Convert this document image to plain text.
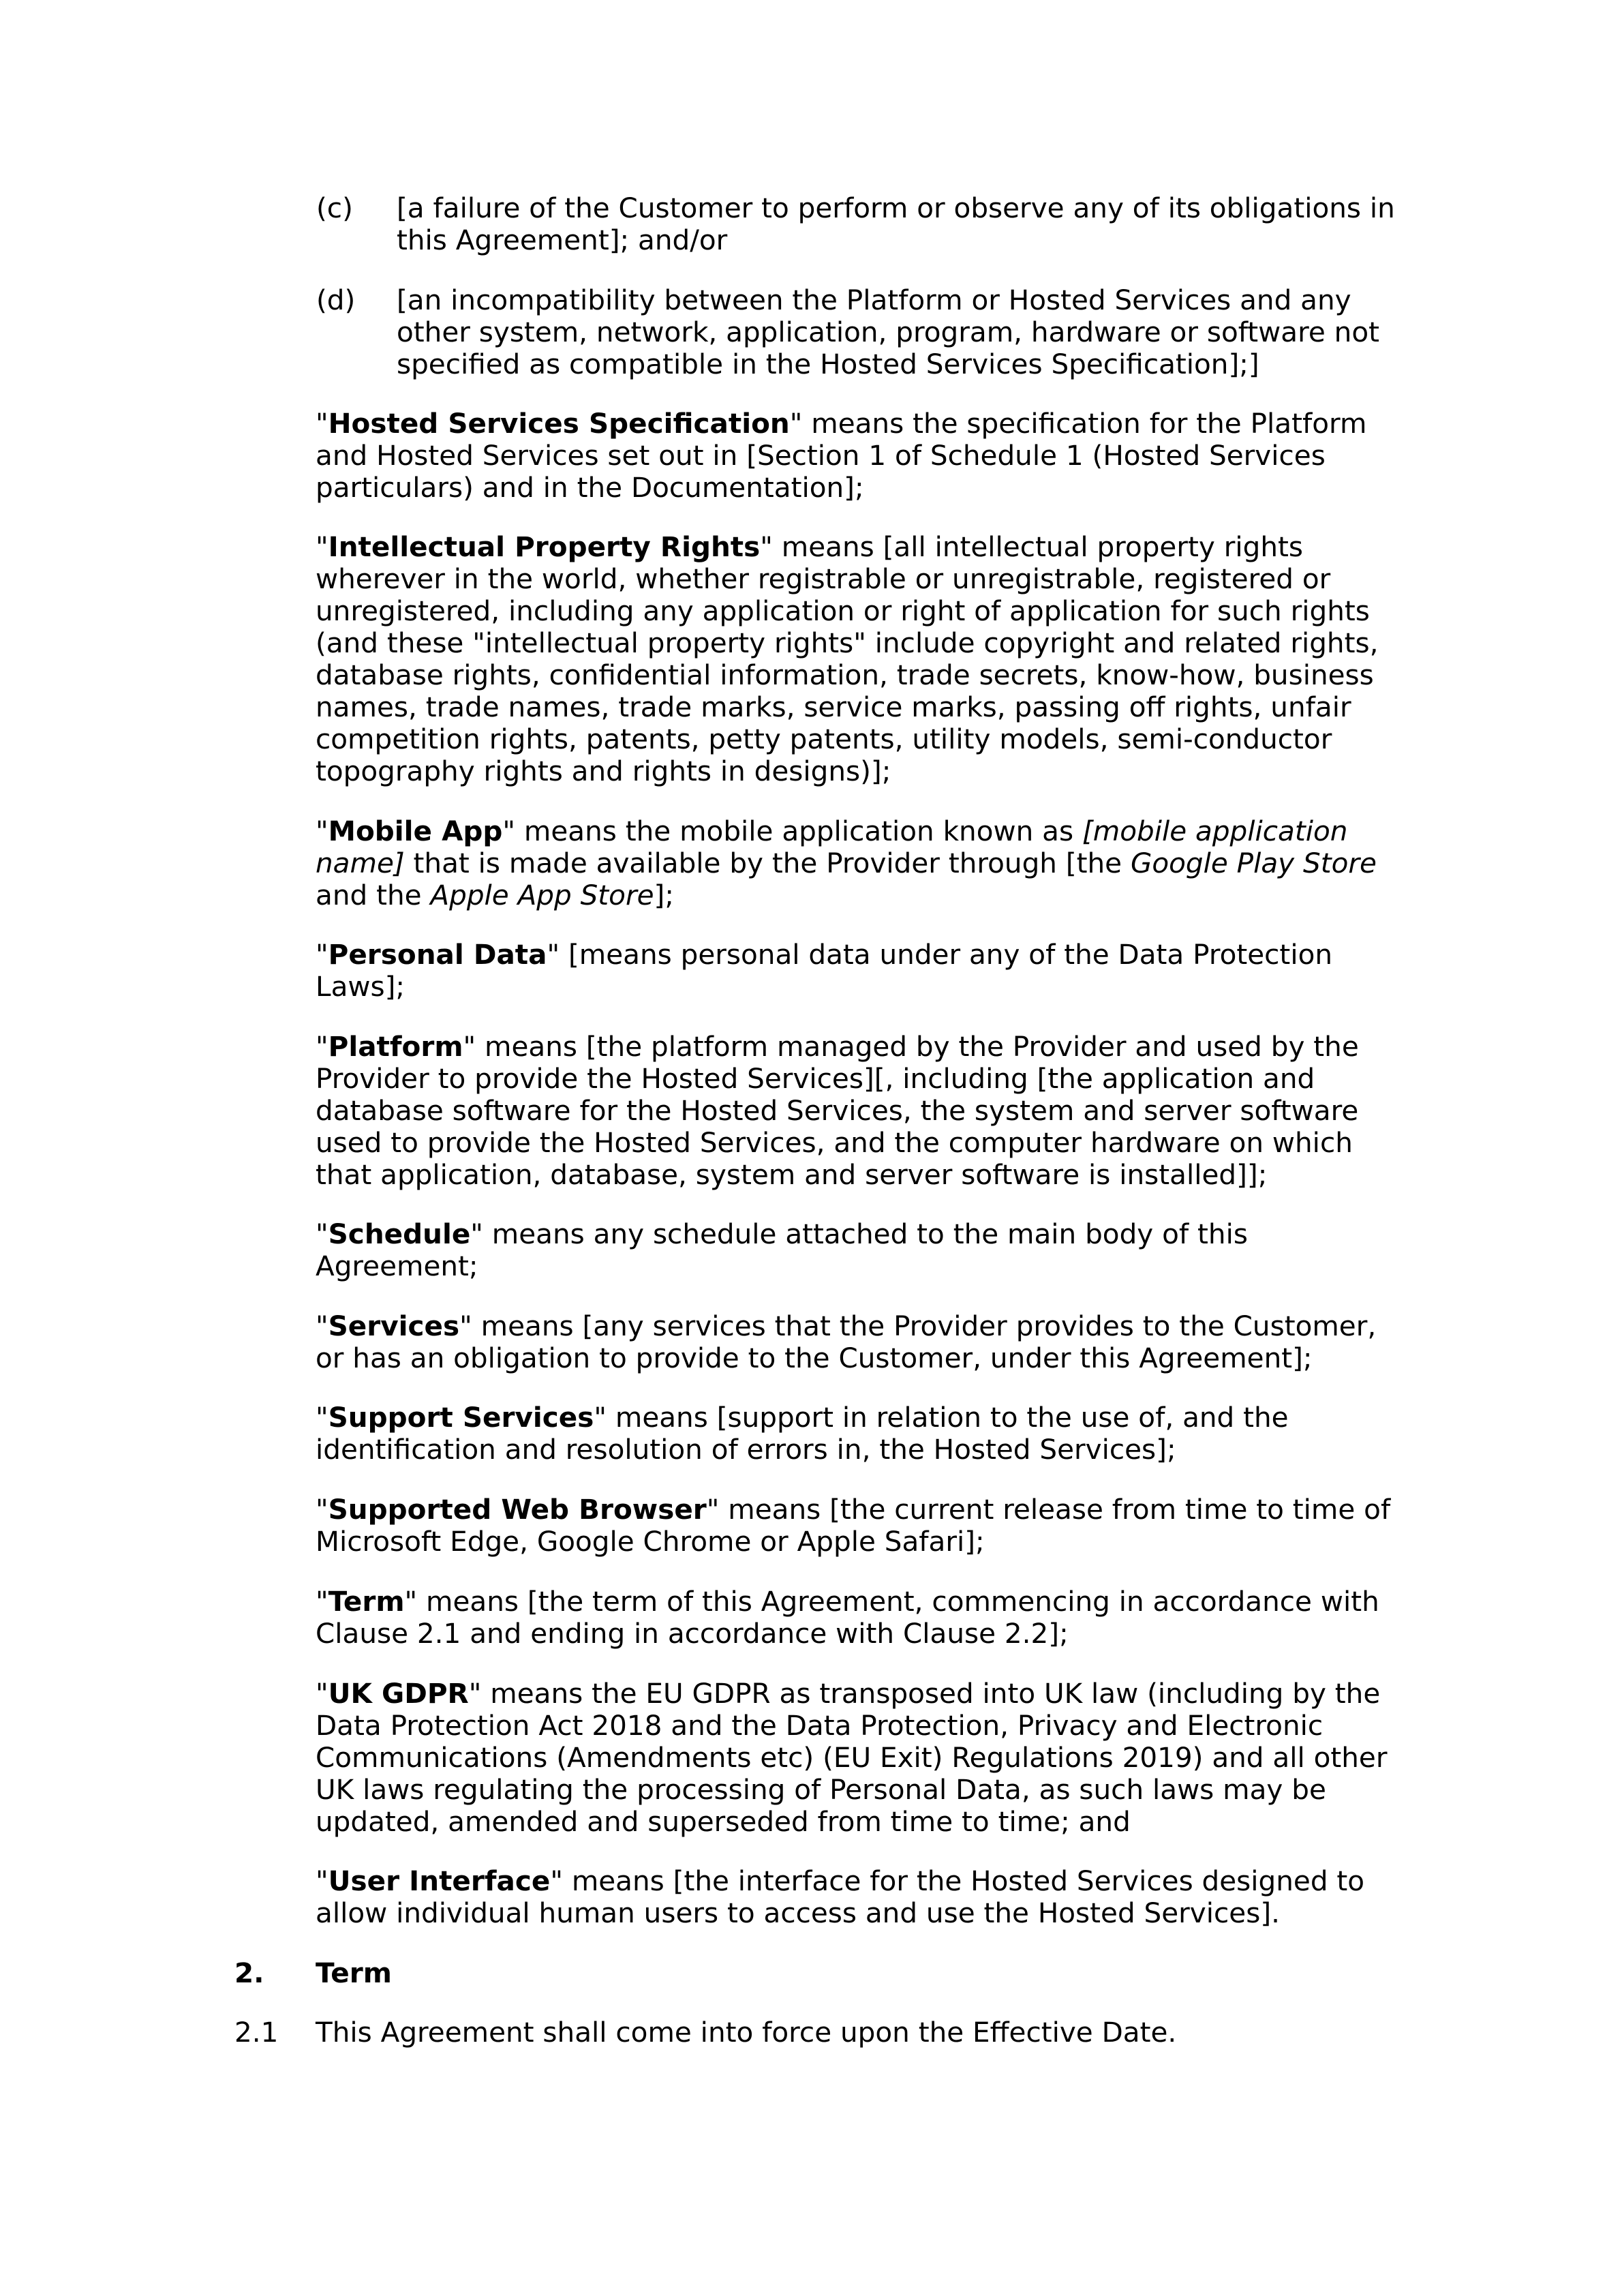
(c) [a failure of the Customer to perform or observe any of its obligations in this Agreement]; and/or

(d) [an incompatibility between the Platform or Hosted Services and any other system, network, application, program, hardware or software not specified as compatible in the Hosted Services Specification];]

"Hosted Services Specification" means the specification for the Platform and Hosted Services set out in [Section 1 of Schedule 1 (Hosted Services particulars) and in the Documentation];

"Intellectual Property Rights" means [all intellectual property rights wherever in the world, whether registrable or unregistrable, registered or unregistered, including any application or right of application for such rights (and these "intellectual property rights" include copyright and related rights, database rights, confidential information, trade secrets, know-how, business names, trade names, trade marks, service marks, passing off rights, unfair competition rights, patents, petty patents, utility models, semi-conductor topography rights and rights in designs)];

"Mobile App" means the mobile application known as [mobile application name] that is made available by the Provider through [the Google Play Store and the Apple App Store];

"Personal Data" [means personal data under any of the Data Protection Laws];

"Platform" means [the platform managed by the Provider and used by the Provider to provide the Hosted Services][, including [the application and database software for the Hosted Services, the system and server software used to provide the Hosted Services, and the computer hardware on which that application, database, system and server software is installed]];

"Schedule" means any schedule attached to the main body of this Agreement;

"Services" means [any services that the Provider provides to the Customer, or has an obligation to provide to the Customer, under this Agreement];

"Support Services" means [support in relation to the use of, and the identification and resolution of errors in, the Hosted Services];

"Supported Web Browser" means [the current release from time to time of Microsoft Edge, Google Chrome or Apple Safari];

"Term" means [the term of this Agreement, commencing in accordance with Clause 2.1 and ending in accordance with Clause 2.2];

"UK GDPR" means the EU GDPR as transposed into UK law (including by the Data Protection Act 2018 and the Data Protection, Privacy and Electronic Communications (Amendments etc) (EU Exit) Regulations 2019) and all other UK laws regulating the processing of Personal Data, as such laws may be updated, amended and superseded from time to time; and

"User Interface" means [the interface for the Hosted Services designed to allow individual human users to access and use the Hosted Services].

2. Term

2.1 This Agreement shall come into force upon the Effective Date.
